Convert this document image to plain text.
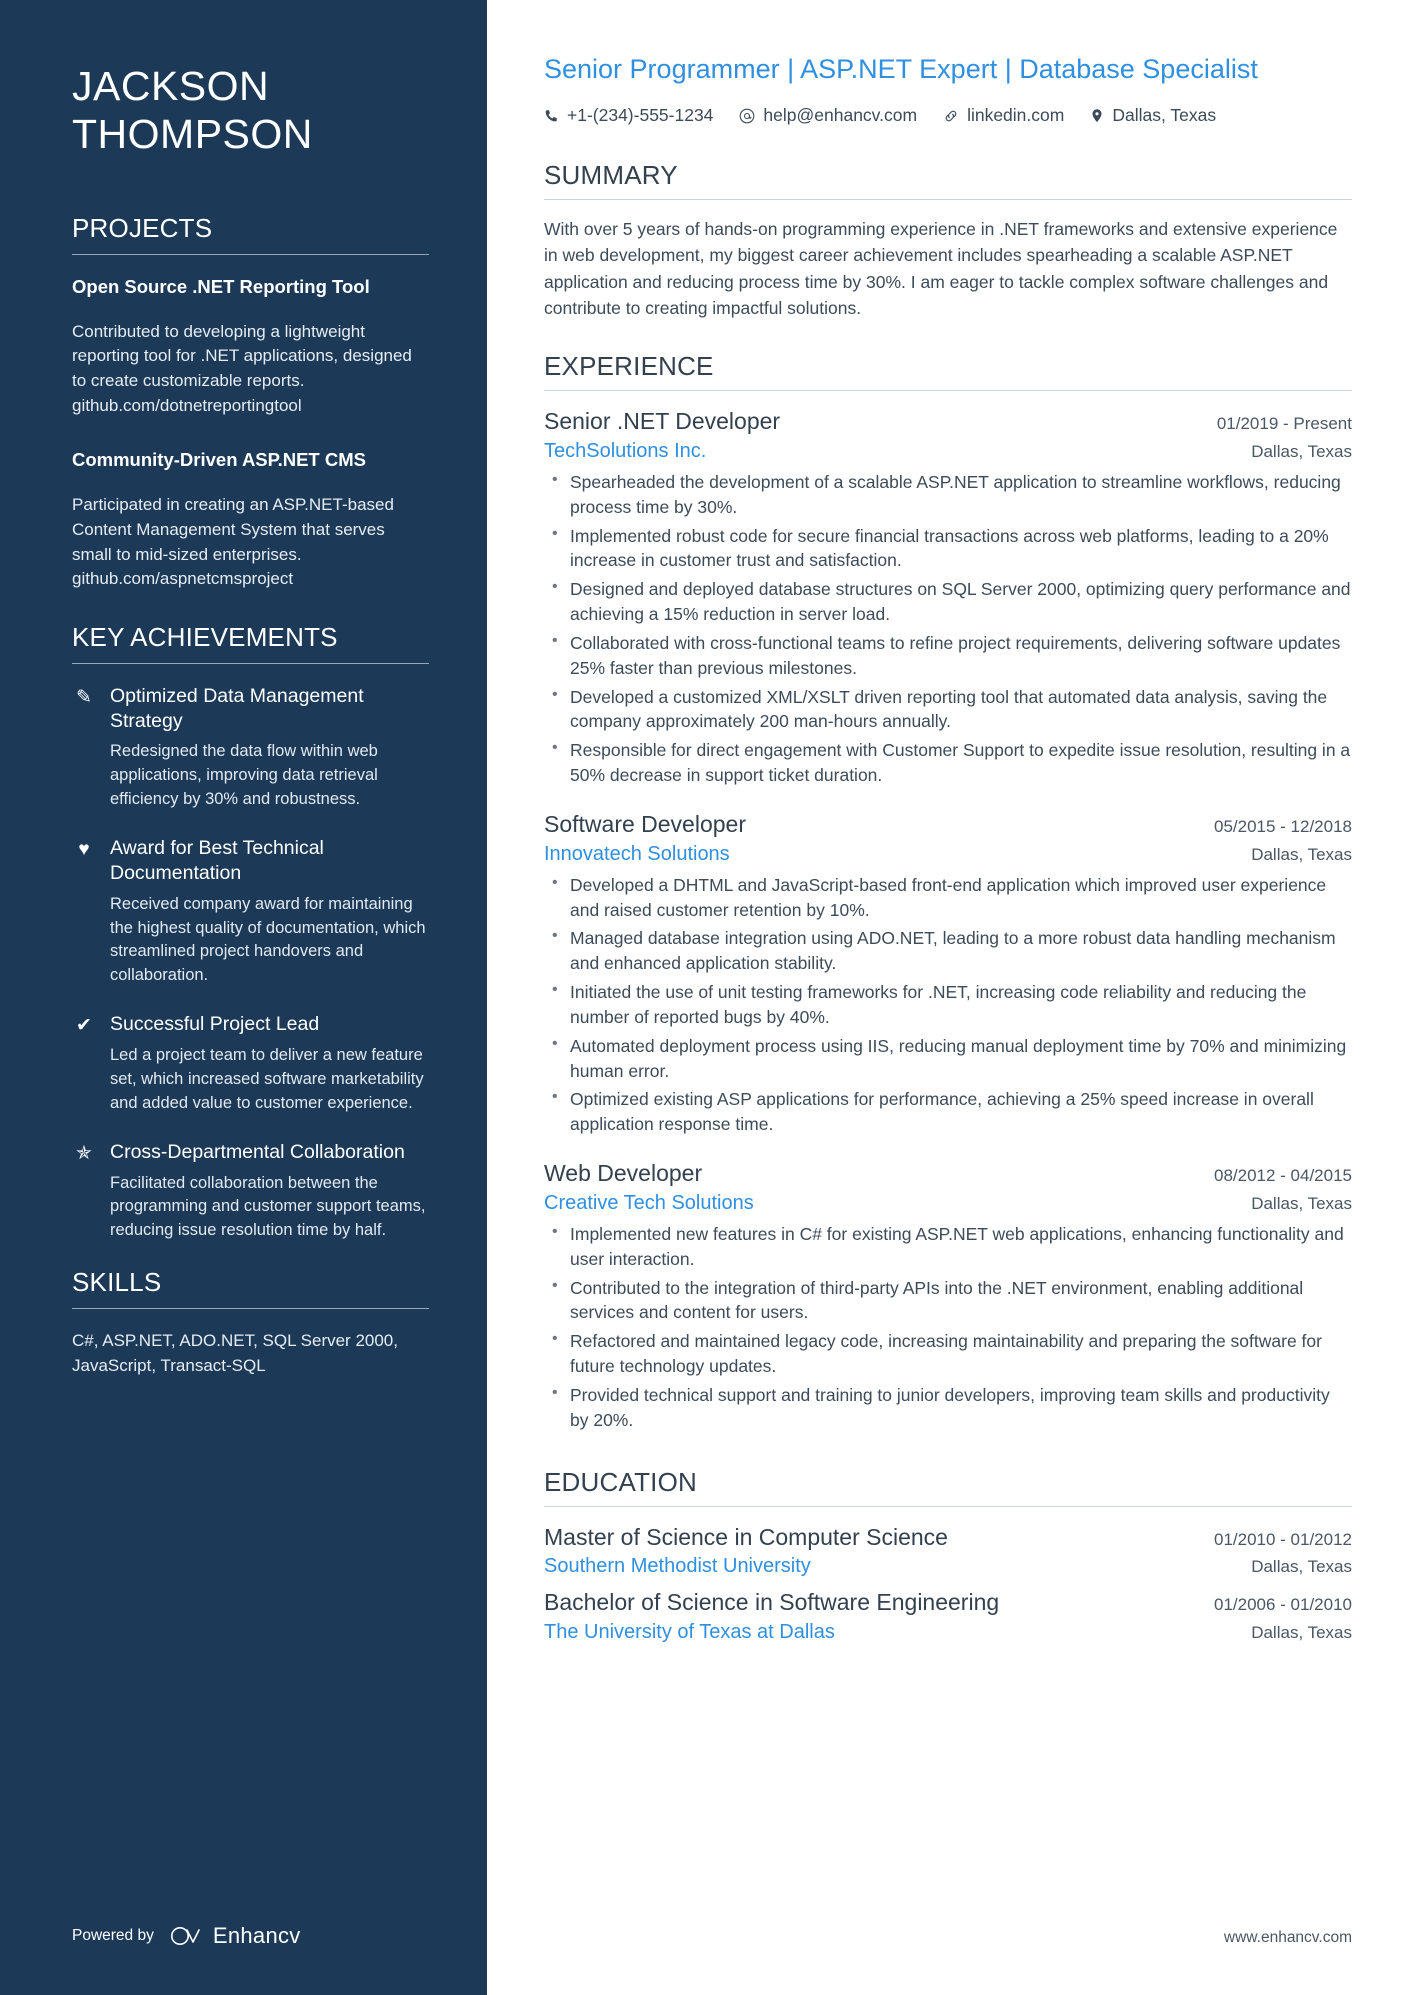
JACKSON
THOMPSON
PROJECTS
Open Source .NET Reporting Tool
Contributed to developing a lightweight reporting tool for .NET applications, designed to create customizable reports. github.com/dotnetreportingtool
Community-Driven ASP.NET CMS
Participated in creating an ASP.NET-based Content Management System that serves small to mid-sized enterprises. github.com/aspnetcmsproject
KEY ACHIEVEMENTS
✎ Optimized Data Management Strategy
Redesigned the data flow within web applications, improving data retrieval efficiency by 30% and robustness.
♥	Award for Best Technical Documentation
Received company award for maintaining the highest quality of documentation, which streamlined project handovers and collaboration.
✔ Successful Project Lead
Led a project team to deliver a new feature set, which increased software marketability and added value to customer experience.
✯ Cross-Departmental Collaboration
Facilitated collaboration between the programming and customer support teams, reducing issue resolution time by half.
SKILLS
C#, ASP.NET, ADO.NET, SQL Server 2000, JavaScript, Transact-SQL
Powered by	Enhancv
Senior Programmer | ASP.NET Expert | Database Specialist
+1-(234)-555-1234	help@enhancv.com	linkedin.com	Dallas, Texas
SUMMARY
With over 5 years of hands-on programming experience in .NET frameworks and extensive experience in web development, my biggest career achievement includes spearheading a scalable ASP.NET application and reducing process time by 30%. I am eager to tackle complex software challenges and contribute to creating impactful solutions.
EXPERIENCE
Senior .NET Developer	01/2019 - Present
TechSolutions Inc.	Dallas, Texas
• Spearheaded the development of a scalable ASP.NET application to streamline workflows, reducing process time by 30%.
• Implemented robust code for secure financial transactions across web platforms, leading to a 20% increase in customer trust and satisfaction.
• Designed and deployed database structures on SQL Server 2000, optimizing query performance and achieving a 15% reduction in server load.
• Collaborated with cross-functional teams to refine project requirements, delivering software updates 25% faster than previous milestones.
• Developed a customized XML/XSLT driven reporting tool that automated data analysis, saving the company approximately 200 man-hours annually.
• Responsible for direct engagement with Customer Support to expedite issue resolution, resulting in a 50% decrease in support ticket duration.
Software Developer	05/2015 - 12/2018
Innovatech Solutions	Dallas, Texas
• Developed a DHTML and JavaScript-based front-end application which improved user experience and raised customer retention by 10%.
• Managed database integration using ADO.NET, leading to a more robust data handling mechanism and enhanced application stability.
• Initiated the use of unit testing frameworks for .NET, increasing code reliability and reducing the number of reported bugs by 40%.
• Automated deployment process using IIS, reducing manual deployment time by 70% and minimizing human error.
• Optimized existing ASP applications for performance, achieving a 25% speed increase in overall application response time.
Web Developer	08/2012 - 04/2015
Creative Tech Solutions	Dallas, Texas
• Implemented new features in C# for existing ASP.NET web applications, enhancing functionality and user interaction.
• Contributed to the integration of third-party APIs into the .NET environment, enabling additional services and content for users.
• Refactored and maintained legacy code, increasing maintainability and preparing the software for future technology updates.
• Provided technical support and training to junior developers, improving team skills and productivity by 20%.
EDUCATION
Master of Science in Computer Science	01/2010 - 01/2012
Southern Methodist University	Dallas, Texas
Bachelor of Science in Software Engineering	01/2006 - 01/2010
The University of Texas at Dallas	Dallas, Texas
www.enhancv.com
